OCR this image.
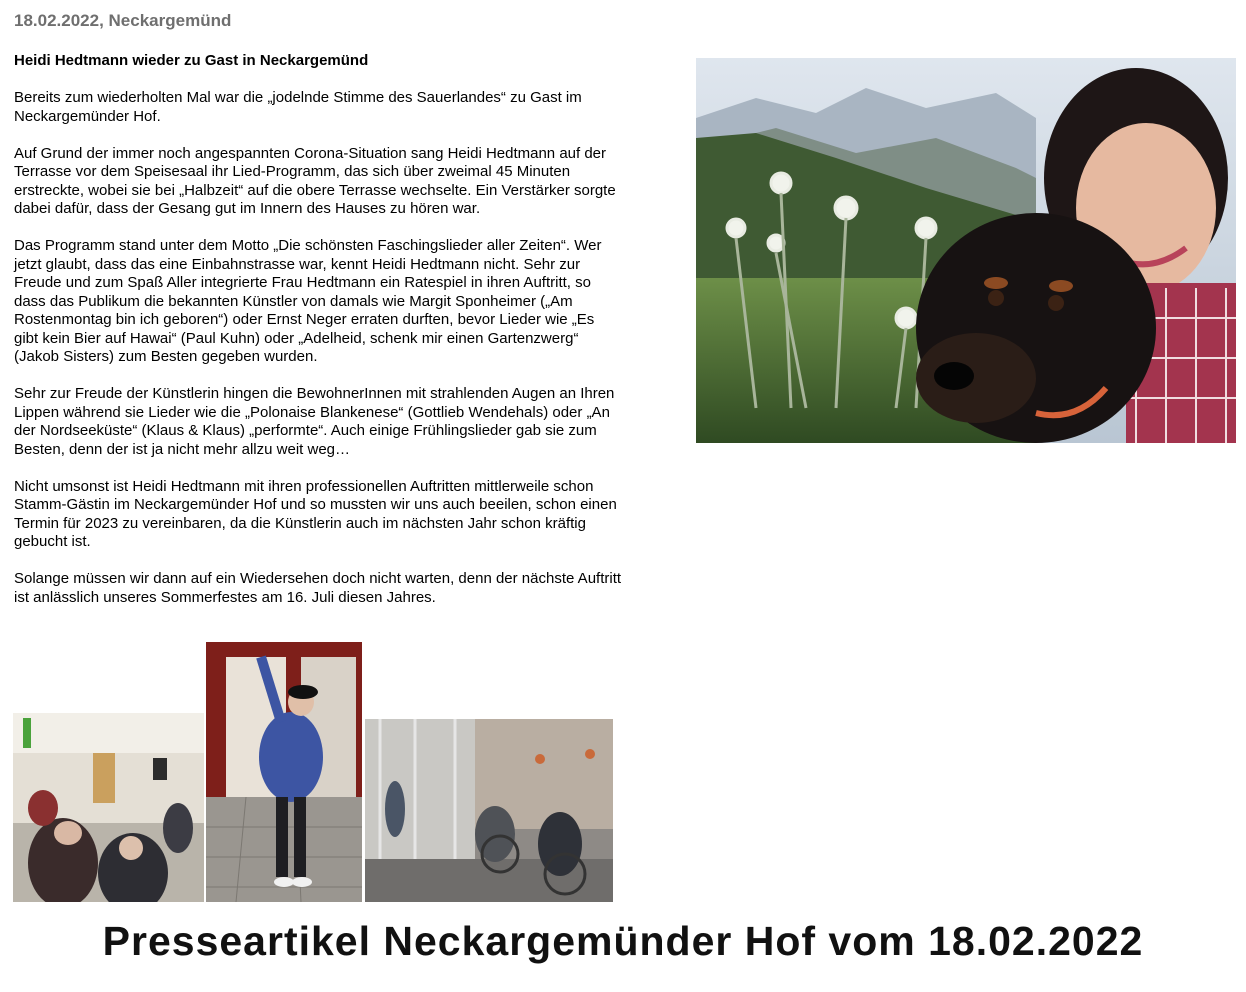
18.02.2022, Neckargemünd
Heidi Hedtmann wieder zu Gast in Neckargemünd

Bereits zum wiederholten Mal war die „jodelnde Stimme des Sauerlandes“ zu Gast im Neckargemünder Hof.

Auf Grund der immer noch angespannten Corona-Situation sang Heidi Hedtmann auf der Terrasse vor dem Speisesaal ihr Lied-Programm, das sich über zweimal 45 Minuten erstreckte, wobei sie bei „Halbzeit“ auf die obere Terrasse wechselte. Ein Verstärker sorgte dabei dafür, dass der Gesang gut im Innern des Hauses zu hören war.

Das Programm stand unter dem Motto „Die schönsten Faschingslieder aller Zeiten“. Wer jetzt glaubt, dass das eine Einbahnstrasse war, kennt Heidi Hedtmann nicht. Sehr zur Freude und zum Spaß Aller integrierte Frau Hedtmann ein Ratespiel in ihren Auftritt, so dass das Publikum die bekannten Künstler von damals wie Margit Sponheimer („Am Rostenmontag bin ich geboren“) oder Ernst Neger erraten durften, bevor Lieder wie „Es gibt kein Bier auf Hawai“ (Paul Kuhn) oder „Adelheid, schenk mir einen Gartenzwerg“ (Jakob Sisters) zum Besten gegeben wurden.

Sehr zur Freude der Künstlerin hingen die BewohnerInnen mit strahlenden Augen an Ihren Lippen während sie Lieder wie die „Polonaise Blankenese“ (Gottlieb Wendehals) oder „An der Nordseeküste“ (Klaus & Klaus) „performte“. Auch einige Frühlingslieder gab sie zum Besten, denn der ist ja nicht mehr allzu weit weg…

Nicht umsonst ist Heidi Hedtmann mit ihren professionellen Auftritten mittlerweile schon Stamm-Gästin im Neckargemünder Hof und so mussten wir uns auch beeilen, schon einen Termin für 2023 zu vereinbaren, da die Künstlerin auch im nächsten Jahr schon kräftig gebucht ist.

Solange müssen wir dann auf ein Wiedersehen doch nicht warten, denn der nächste Auftritt ist anlässlich unseres Sommerfestes am 16. Juli diesen Jahres.

Presseartikel Neckargemünder Hof vom 18.02.2022
